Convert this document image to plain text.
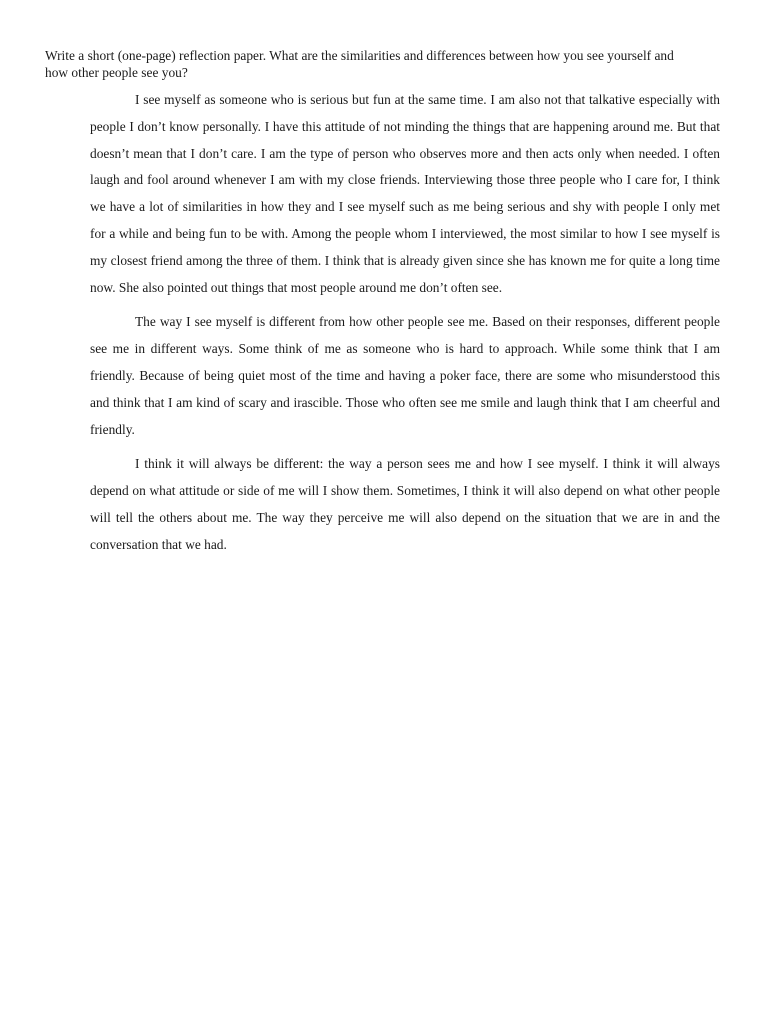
Write a short (one-page) reflection paper. What are the similarities and differences between how you see yourself and how other people see you?

I see myself as someone who is serious but fun at the same time. I am also not that talkative especially with people I don’t know personally. I have this attitude of not minding the things that are happening around me. But that doesn’t mean that I don’t care. I am the type of person who observes more and then acts only when needed. I often laugh and fool around whenever I am with my close friends. Interviewing those three people who I care for, I think we have a lot of similarities in how they and I see myself such as me being serious and shy with people I only met for a while and being fun to be with. Among the people whom I interviewed, the most similar to how I see myself is my closest friend among the three of them. I think that is already given since she has known me for quite a long time now. She also pointed out things that most people around me don’t often see.

The way I see myself is different from how other people see me. Based on their responses, different people see me in different ways. Some think of me as someone who is hard to approach. While some think that I am friendly. Because of being quiet most of the time and having a poker face, there are some who misunderstood this and think that I am kind of scary and irascible. Those who often see me smile and laugh think that I am cheerful and friendly.

I think it will always be different: the way a person sees me and how I see myself. I think it will always depend on what attitude or side of me will I show them. Sometimes, I think it will also depend on what other people will tell the others about me. The way they perceive me will also depend on the situation that we are in and the conversation that we had.
